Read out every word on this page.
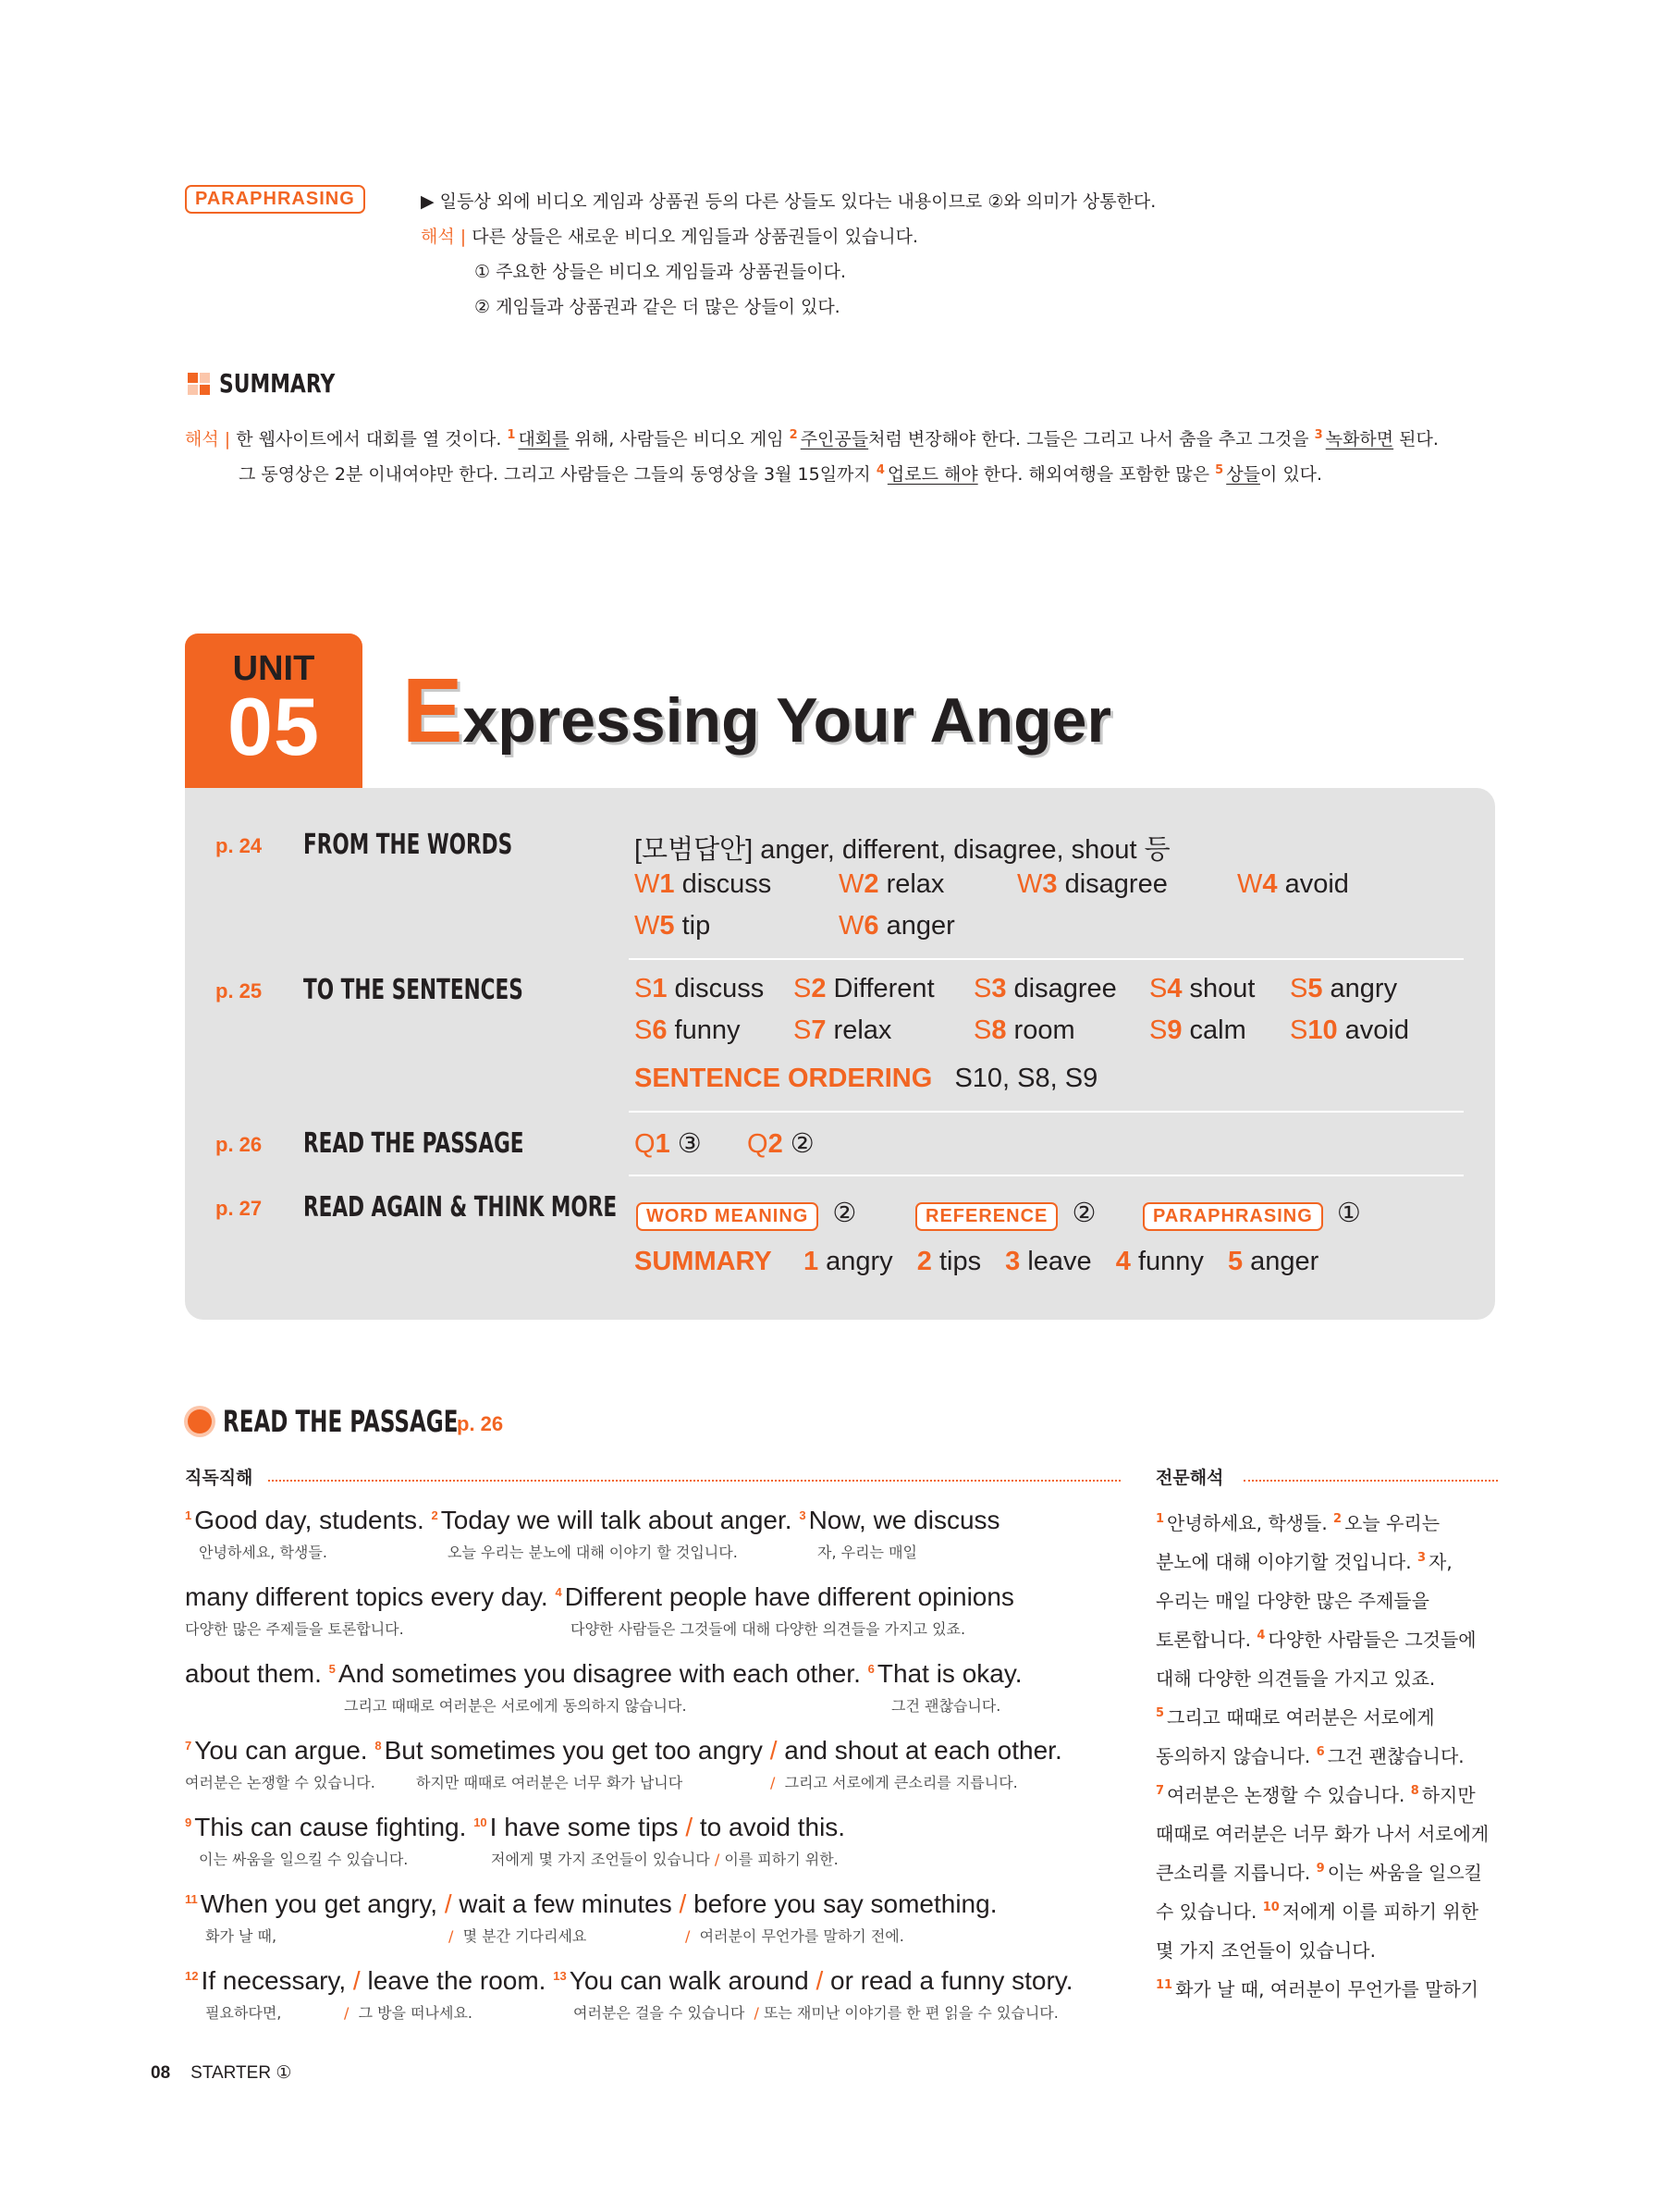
PARAPHRASING	▶ 일등상 외에 비디오 게임과 상품권 등의 다른 상들도 있다는 내용이므로 ②와 의미가 상통한다.
해석 | 다른 상들은 새로운 비디오 게임들과 상품권들이 있습니다.
① 주요한 상들은 비디오 게임들과 상품권들이다.
② 게임들과 상품권과 같은 더 많은 상들이 있다.
SUMMARY
해석 | 한 웹사이트에서 대회를 열 것이다. $^1$ 대회를 위해, 사람들은 비디오 게임 $^2$ 주인공들처럼 변장해야 한다. 그들은 그리고 나서 춤을 추고 그것을 $^3$ 녹화하면 된다.
그 동영상은 2분 이내여야만 한다. 그리고 사람들은 그들의 동영상을 3월 15일까지 $^4$ 업로드 해야 한다. 해외여행을 포함한 많은 $^5$ 상들이 있다.
UNIT
05 Expressing Your Anger
p. 24 FROM THE WORDS	[모범답안] anger, different, disagree, shout 등
W1 discuss	W2 relax	W3 disagree	W4 avoid
W5 tip	W6 anger
p. 25 TO THE SENTENCES	S1 discuss S2 Different S3 disagree S4 shout S5 angry
S6 funny S7 relax	S8 room	S9 calm S10 avoid
SENTENCE ORDERING S10, S8, S9
p. 26 READ THE PASSAGE	Q1 ③ Q2 ②
p. 27 READ AGAIN & THINK MORE	WORD MEANING ②	REFERENCE ②	PARAPHRASING ①
SUMMARY 1 angry 2 tips 3 leave 4 funny 5 anger
READ THE PASSAGE
p. 26
직독직해	전문해석
$^1$ Good day, students. $^2$ Today we will talk about anger. $^3$ Now, we discuss
안녕하세요, 학생들.	오늘 우리는 분노에 대해 이야기 할 것입니다.	자, 우리는 매일
many different topics every day. $^4$ Different people have different opinions
다양한 많은 주제들을 토론합니다.	다양한 사람들은 그것들에 대해 다양한 의견들을 가지고 있죠.
about them. $^5$ And sometimes you disagree with each other. $^6$ That is okay.
그리고 때때로 여러분은 서로에게 동의하지 않습니다.	그건 괜찮습니다.
$^7$ You can argue. $^8$ But sometimes you get too angry / and shout at each other.
여러분은 논쟁할 수 있습니다.	하지만 때때로 여러분은 너무 화가 납니다	/ 그리고 서로에게 큰소리를 지릅니다.
$^9$ This can cause fighting. $^{10}$ I have some tips / to avoid this.
이는 싸움을 일으킬 수 있습니다.	저에게 몇 가지 조언들이 있습니다 / 이를 피하기 위한.
$^{11}$ When you get angry, / wait a few minutes / before you say something.
화가 날 때,	/ 몇 분간 기다리세요	/ 여러분이 무언가를 말하기 전에.
$^{12}$ If necessary, / leave the room. $^{13}$ You can walk around / or read a funny story.
필요하다면,	/ 그 방을 떠나세요.	여러분은 걸을 수 있습니다 / 또는 재미난 이야기를 한 편 읽을 수 있습니다.
$^1$ 안녕하세요, 학생들. $^2$ 오늘 우리는
분노에 대해 이야기할 것입니다. $^3$ 자,
우리는 매일 다양한 많은 주제들을
토론합니다. $^4$ 다양한 사람들은 그것들에
대해 다양한 의견들을 가지고 있죠.
$^5$ 그리고 때때로 여러분은 서로에게
동의하지 않습니다. $^6$ 그건 괜찮습니다.
$^7$ 여러분은 논쟁할 수 있습니다. $^8$ 하지만
때때로 여러분은 너무 화가 나서 서로에게
큰소리를 지릅니다. $^9$ 이는 싸움을 일으킬
수 있습니다. $^{10}$ 저에게 이를 피하기 위한
몇 가지 조언들이 있습니다.
$^{11}$ 화가 날 때, 여러분이 무언가를 말하기
08 STARTER ①
